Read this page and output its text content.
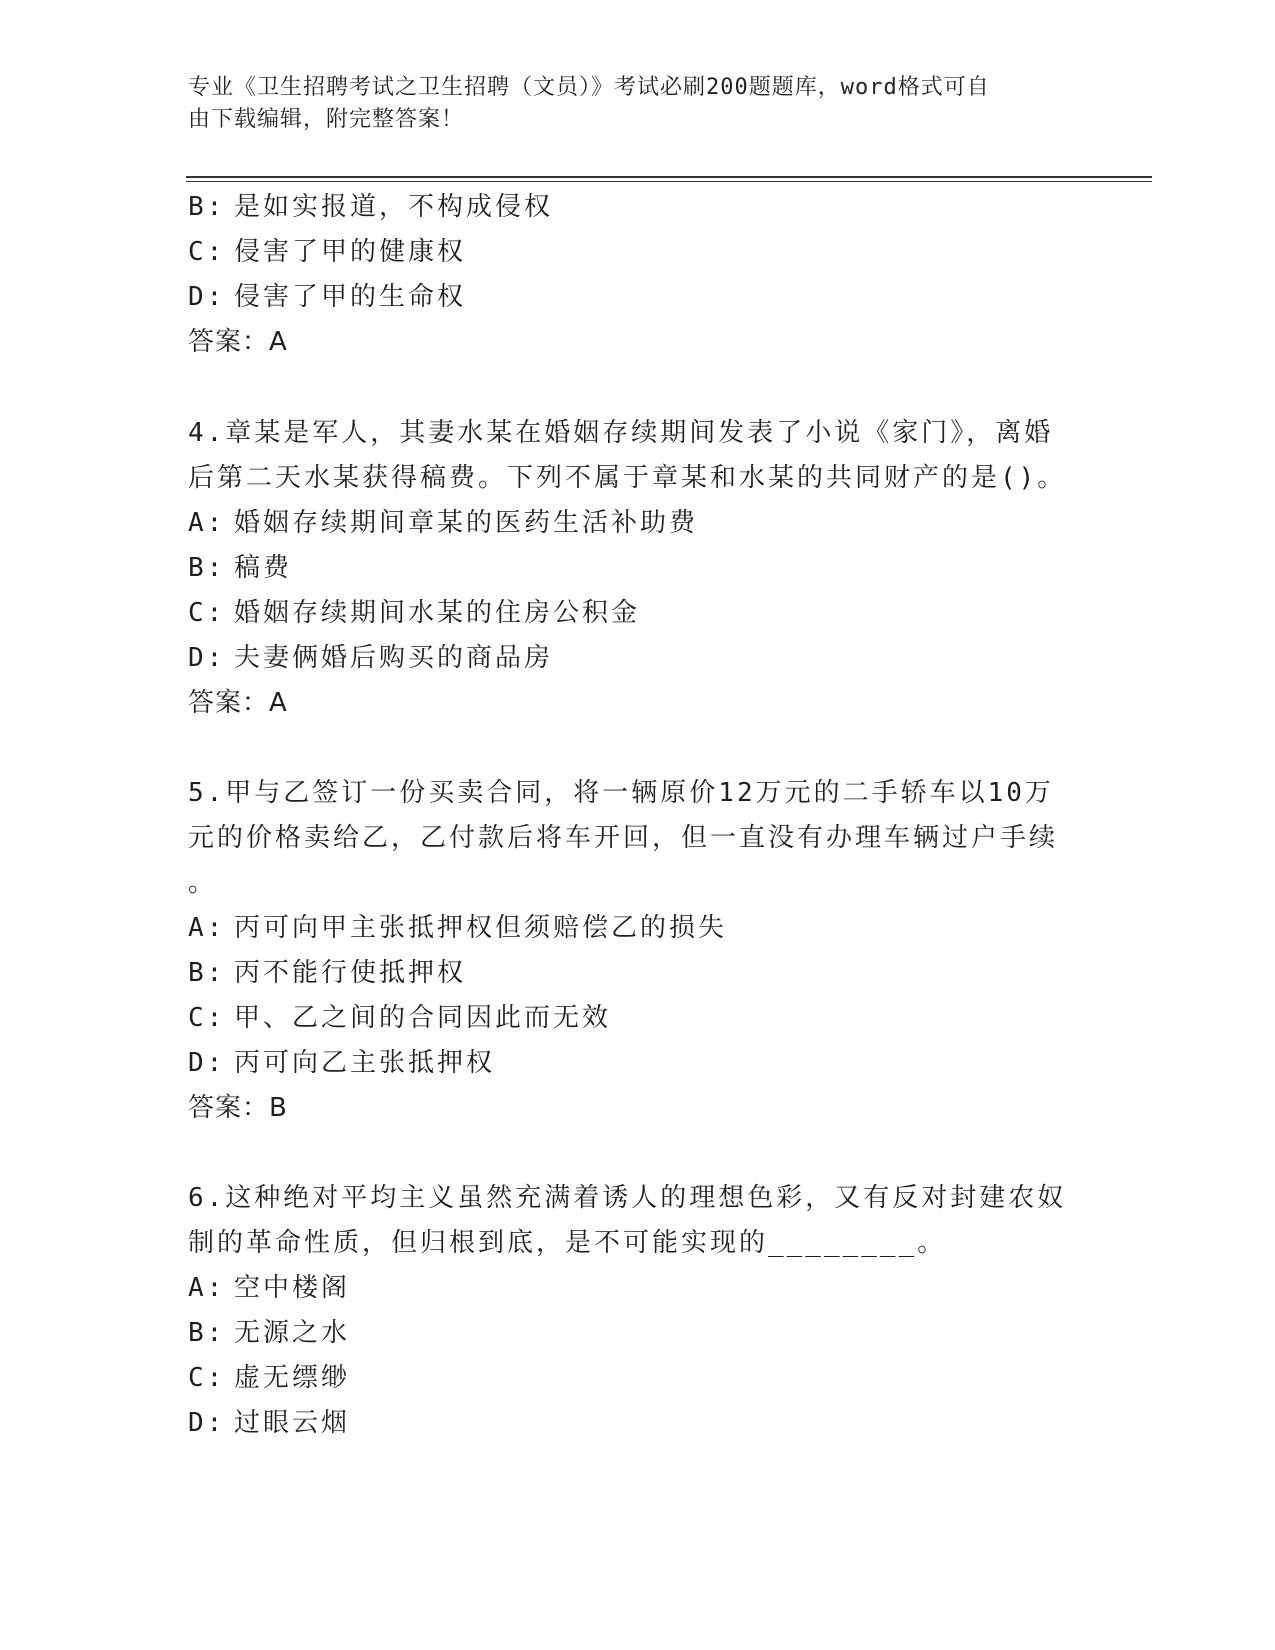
专业《卫生招聘考试之卫生招聘（文员）》考试必刷200题题库，word格式可自
由下载编辑，附完整答案！
B: 是如实报道，不构成侵权
C: 侵害了甲的健康权
D: 侵害了甲的生命权
答案：A
4.章某是军人，其妻水某在婚姻存续期间发表了小说《家门》，离婚
后第二天水某获得稿费。下列不属于章某和水某的共同财产的是()。
A: 婚姻存续期间章某的医药生活补助费
B: 稿费
C: 婚姻存续期间水某的住房公积金
D: 夫妻俩婚后购买的商品房
答案：A
5.甲与乙签订一份买卖合同，将一辆原价12万元的二手轿车以10万
元的价格卖给乙，乙付款后将车开回，但一直没有办理车辆过户手续
。
A: 丙可向甲主张抵押权但须赔偿乙的损失
B: 丙不能行使抵押权
C: 甲、乙之间的合同因此而无效
D: 丙可向乙主张抵押权
答案：B
6.这种绝对平均主义虽然充满着诱人的理想色彩，又有反对封建农奴
制的革命性质，但归根到底，是不可能实现的________。
A: 空中楼阁
B: 无源之水
C: 虚无缥缈
D: 过眼云烟
